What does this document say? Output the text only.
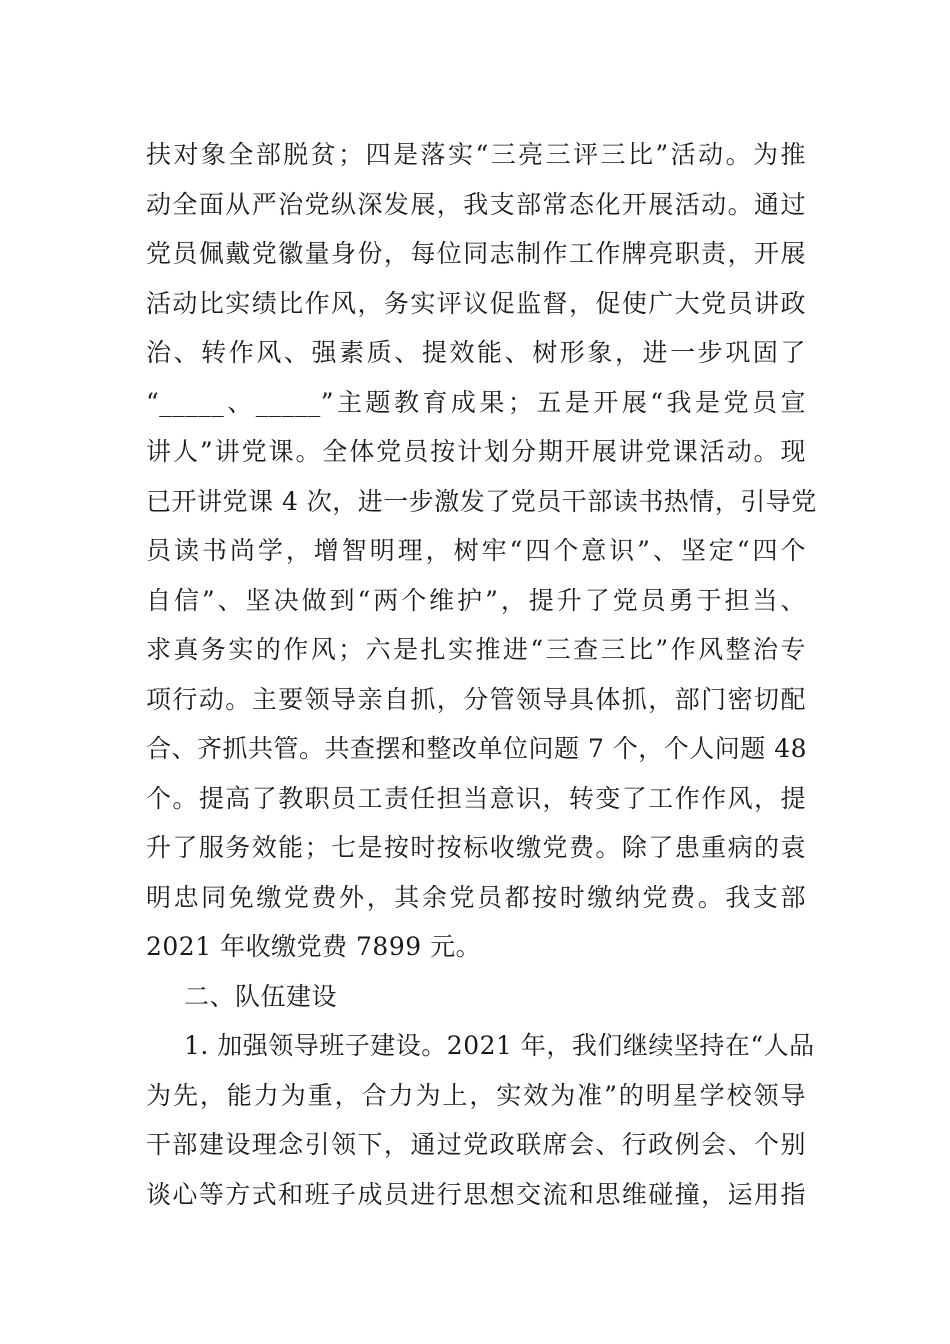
扶对象全部脱贫；四是落实“三亮三评三比”活动。为推
动全面从严治党纵深发展，我支部常态化开展活动。通过
党员佩戴党徽量身份，每位同志制作工作牌亮职责，开展
活动比实绩比作风，务实评议促监督，促使广大党员讲政
治、转作风、强素质、提效能、树形象，进一步巩固了
“_____、_____”主题教育成果；五是开展“我是党员宣
讲人”讲党课。全体党员按计划分期开展讲党课活动。现
已开讲党课 4 次，进一步激发了党员干部读书热情，引导党
员读书尚学，增智明理，树牢“四个意识”、坚定“四个
自信”、坚决做到“两个维护”，提升了党员勇于担当、
求真务实的作风；六是扎实推进“三查三比”作风整治专
项行动。主要领导亲自抓，分管领导具体抓，部门密切配
合、齐抓共管。共查摆和整改单位问题 7 个，个人问题 48
个。提高了教职员工责任担当意识，转变了工作作风，提
升了服务效能；七是按时按标收缴党费。除了患重病的袁
明忠同免缴党费外，其余党员都按时缴纳党费。我支部
2021 年收缴党费 7899 元。
二、队伍建设
1. 加强领导班子建设。2021 年，我们继续坚持在“人品
为先，能力为重，合力为上，实效为准”的明星学校领导
干部建设理念引领下，通过党政联席会、行政例会、个别
谈心等方式和班子成员进行思想交流和思维碰撞，运用指
